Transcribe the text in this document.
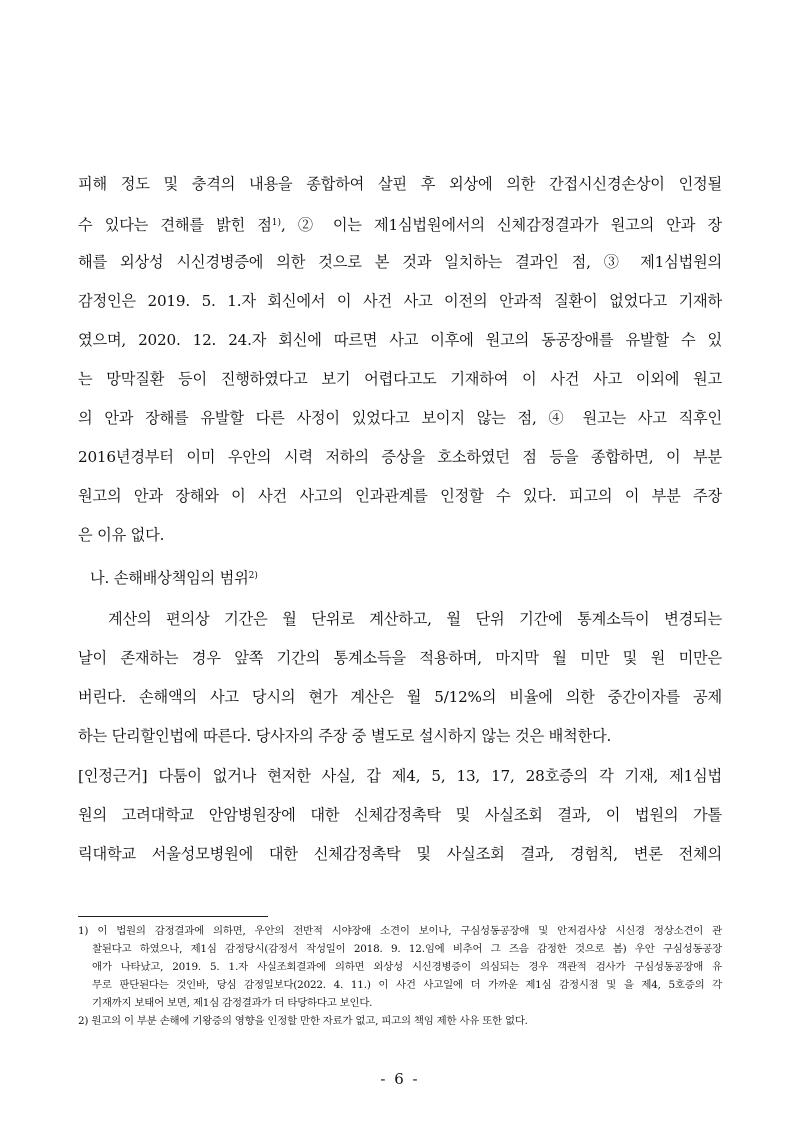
피해 정도 및 충격의 내용을 종합하여 살핀 후 외상에 의한 간접시신경손상이 인정될
수 있다는 견해를 밝힌 점$^{1)}$, ② 이는 제1심법원에서의 신체감정결과가 원고의 안과 장
해를 외상성 시신경병증에 의한 것으로 본 것과 일치하는 결과인 점, ③ 제1심법원의
감정인은 2019. 5. 1.자 회신에서 이 사건 사고 이전의 안과적 질환이 없었다고 기재하
였으며, 2020. 12. 24.자 회신에 따르면 사고 이후에 원고의 동공장애를 유발할 수 있
는 망막질환 등이 진행하였다고 보기 어렵다고도 기재하여 이 사건 사고 이외에 원고
의 안과 장해를 유발할 다른 사정이 있었다고 보이지 않는 점, ④ 원고는 사고 직후인
2016년경부터 이미 우안의 시력 저하의 증상을 호소하였던 점 등을 종합하면, 이 부분
원고의 안과 장해와 이 사건 사고의 인과관계를 인정할 수 있다. 피고의 이 부분 주장
은 이유 없다.
나. 손해배상책임의 범위$^{2)}$
계산의 편의상 기간은 월 단위로 계산하고, 월 단위 기간에 통계소득이 변경되는
날이 존재하는 경우 앞쪽 기간의 통계소득을 적용하며, 마지막 월 미만 및 원 미만은
버린다. 손해액의 사고 당시의 현가 계산은 월 5/12%의 비율에 의한 중간이자를 공제
하는 단리할인법에 따른다. 당사자의 주장 중 별도로 설시하지 않는 것은 배척한다.
[인정근거] 다툼이 없거나 현저한 사실, 갑 제4, 5, 13, 17, 28호증의 각 기재, 제1심법
원의 고려대학교 안암병원장에 대한 신체감정촉탁 및 사실조회 결과, 이 법원의 가톨
릭대학교 서울성모병원에 대한 신체감정촉탁 및 사실조회 결과, 경험칙, 변론 전체의
1) 이 법원의 감정결과에 의하면, 우안의 전반적 시야장애 소견이 보이나, 구심성동공장애 및 안저검사상 시신경 정상소견이 관
찰된다고 하였으나, 제1심 감정당시(감정서 작성일이 2018. 9. 12.임에 비추어 그 즈음 감정한 것으로 봄) 우안 구심성동공장
애가 나타났고, 2019. 5. 1.자 사실조회결과에 의하면 외상성 시신경병증이 의심되는 경우 객관적 검사가 구심성동공장애 유
무로 판단된다는 것인바, 당심 감정일보다(2022. 4. 11.) 이 사건 사고일에 더 가까운 제1심 감정시점 및 을 제4, 5호증의 각
기재까지 보태어 보면, 제1심 감정결과가 더 타당하다고 보인다.
2) 원고의 이 부분 손해에 기왕증의 영향을 인정할 만한 자료가 없고, 피고의 책임 제한 사유 또한 없다.
- 6 -
